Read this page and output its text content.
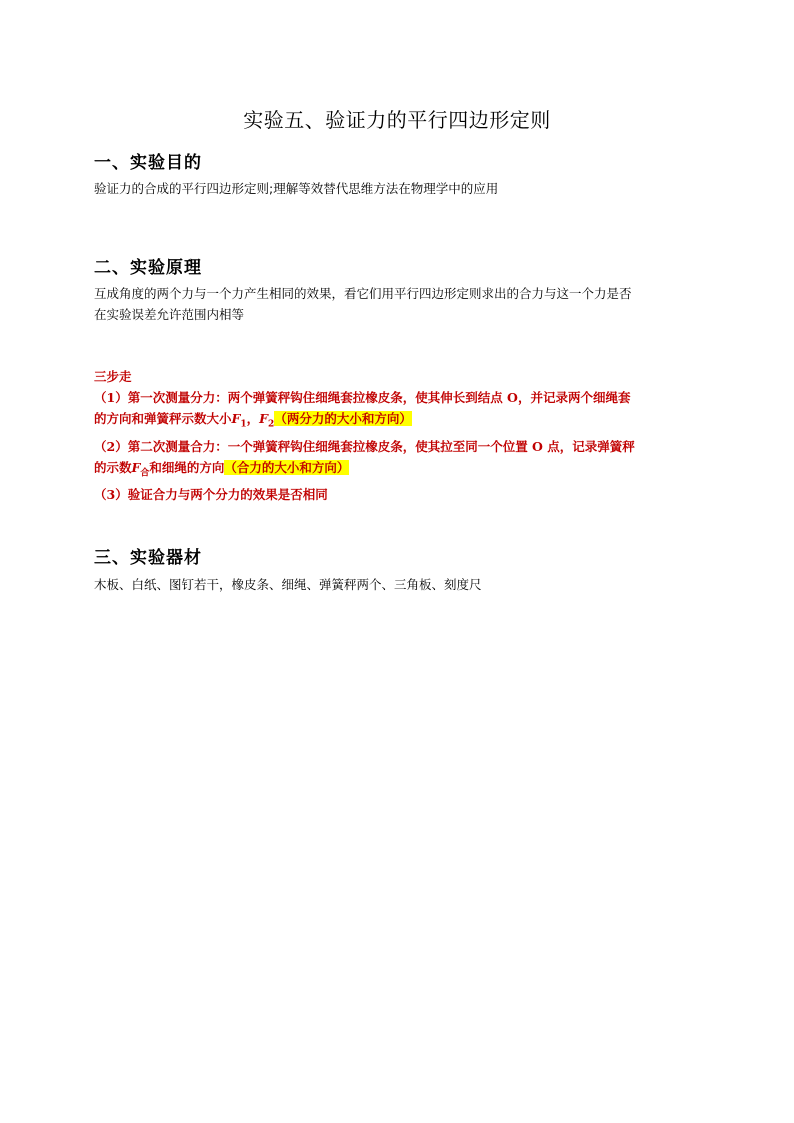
实验五、验证力的平行四边形定则
一、实验目的
验证力的合成的平行四边形定则;理解等效替代思维方法在物理学中的应用
二、实验原理
互成角度的两个力与一个力产生相同的效果，看它们用平行四边形定则求出的合力与这一个力是否
在实验误差允许范围内相等
三步走
（1）第一次测量分力：两个弹簧秤钩住细绳套拉橡皮条，使其伸长到结点 O，并记录两个细绳套
的方向和弹簧秤示数大小$F_1$，$F_2$（两分力的大小和方向）
（2）第二次测量合力：一个弹簧秤钩住细绳套拉橡皮条，使其拉至同一个位置 O 点，记录弹簧秤
的示数$F_合$和细绳的方向（合力的大小和方向）
（3）验证合力与两个分力的效果是否相同
三、实验器材
木板、白纸、图钉若干，橡皮条、细绳、弹簧秤两个、三角板、刻度尺
